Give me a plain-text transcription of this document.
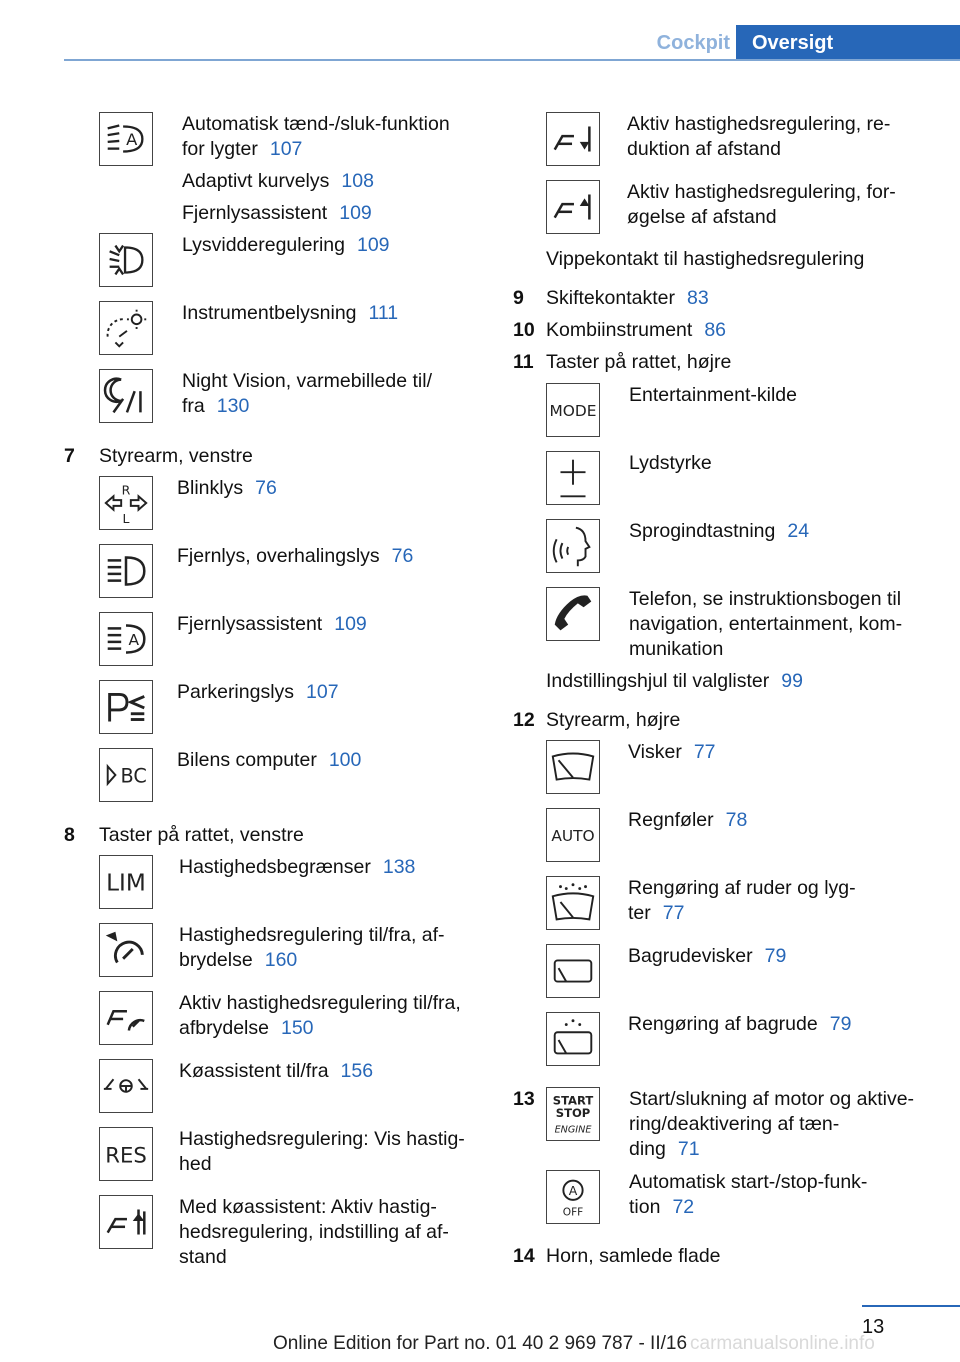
Cockpit	Oversigt
A
Automatisk tænd-/sluk-funktion
for lygter 107
Adaptivt kurvelys 108
Fjernlysassistent 109
Lysvidderegulering 109
Instrumentbelysning 111
Night Vision, varmebillede til/
fra 130
7 Styrearm, venstre
R
L
Blinklys 76
Fjernlys, overhalingslys 76
A
Fjernlysassistent 109
Parkeringslys 107
BC
Bilens computer 100
8 Taster på rattet, venstre
LIM
Hastighedsbegrænser 138
Hastighedsregulering til/fra, af-
brydelse 160
Aktiv hastighedsregulering til/fra,
afbrydelse 150
Køassistent til/fra 156
RES
Hastighedsregulering: Vis hastig-
hed
Med køassistent: Aktiv hastig-
hedsregulering, indstilling af af-
stand
Aktiv hastighedsregulering, re-
duktion af afstand
Aktiv hastighedsregulering, for-
øgelse af afstand
Vippekontakt til hastighedsregulering
9 Skiftekontakter 83
10 Kombiinstrument 86
11 Taster på rattet, højre
MODE
Entertainment-kilde
Lydstyrke
Sprogindtastning 24
Telefon, se instruktionsbogen til
navigation, entertainment, kom-
munikation
Indstillingshjul til valglister 99
12 Styrearm, højre
Visker 77
AUTO
Regnføler 78
Rengøring af ruder og lyg-
ter 77
Bagrudevisker 79
Rengøring af bagrude 79
13 START
STOP
ENGINE
Start/slukning af motor og aktive-
ring/deaktivering af tæn-
ding 71
A
OFF
Automatisk start-/stop-funk-
tion 72
14 Horn, samlede flade
13
Online Edition for Part no. 01 40 2 969 787 - II/16 carmanualsonline.info
